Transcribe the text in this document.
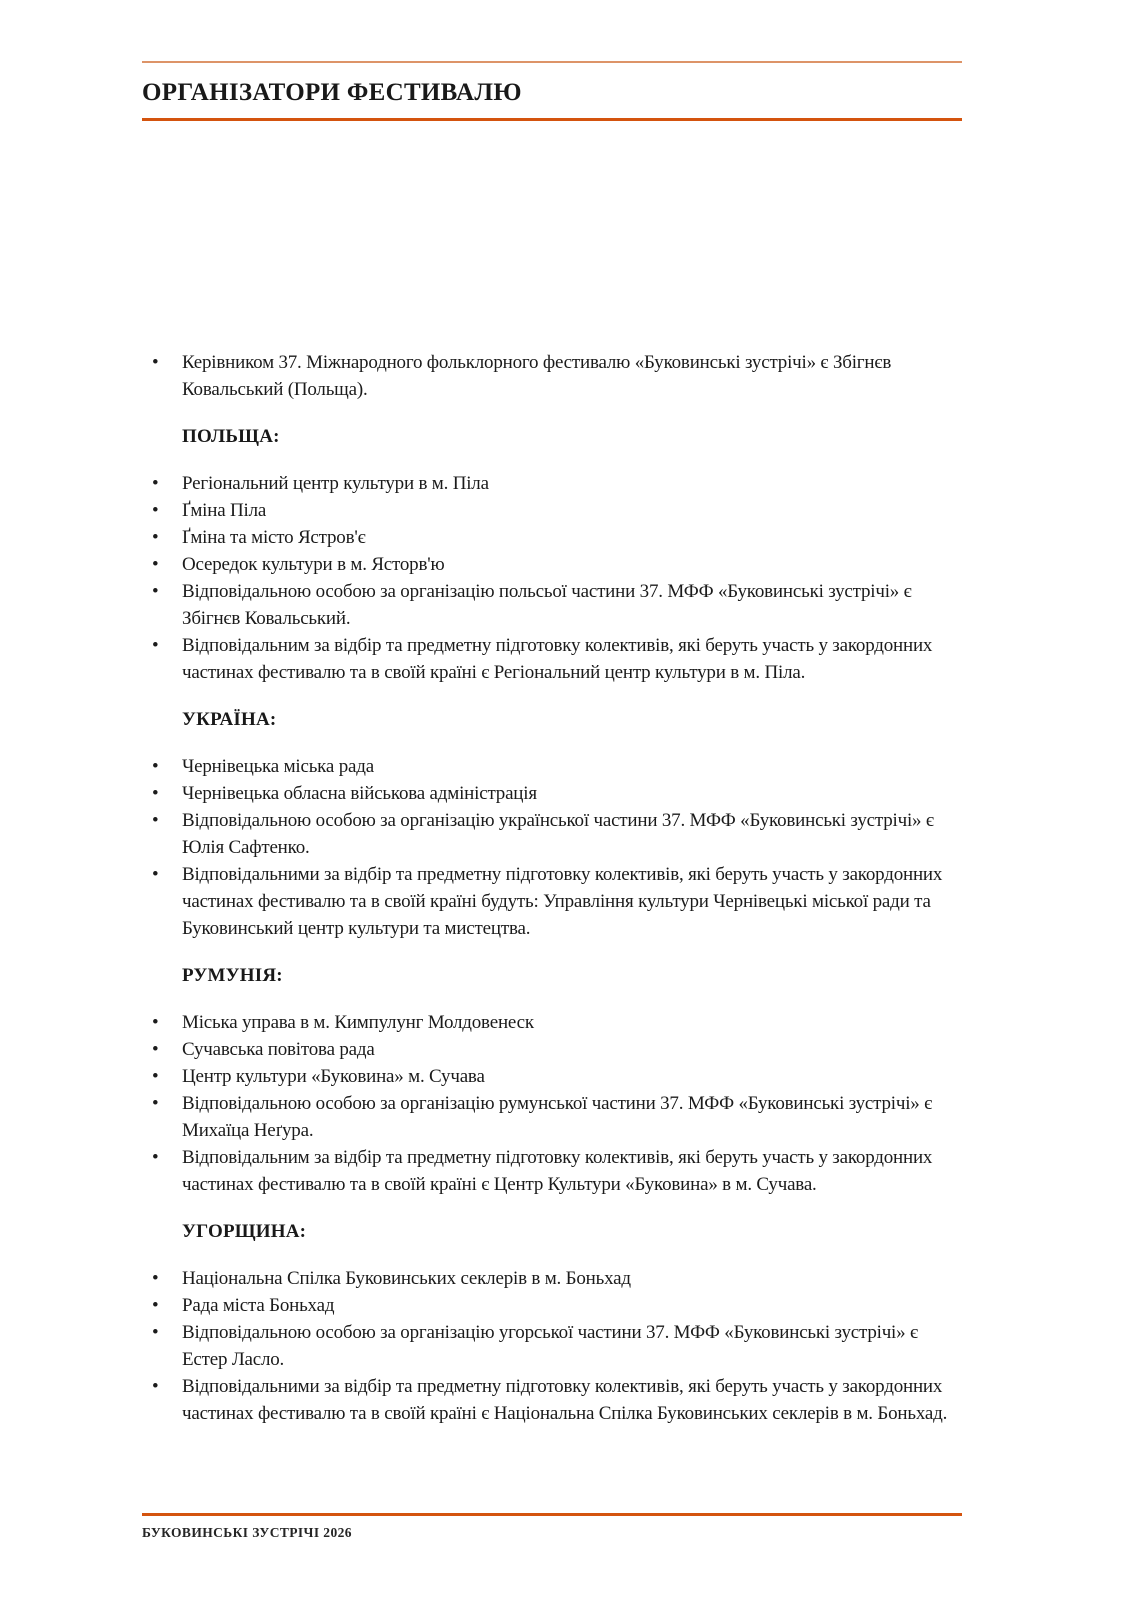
ОРГАНІЗАТОРИ ФЕСТИВАЛЮ
• Керівником 37. Міжнародного фольклорного фестивалю «Буковинські зустрічі» є Збігнєв Ковальський (Польща).
ПОЛЬЩА:
• Регіональний центр культури в м. Піла
• Ґміна Піла
• Ґміна та місто Ястров'є
• Осередок культури в м. Ясторв'ю
• Відповідальною особою за організацію польсьої частини 37. МФФ «Буковинські зустрічі» є Збігнєв Ковальський.
• Відповідальним за відбір та предметну підготовку колективів, які беруть участь у закордонних частинах фестивалю та в своїй країні є Регіональний центр культури в м. Піла.
УКРАЇНА:
• Чернівецька міська рада
• Чернівецька обласна військова адміністрація
• Відповідальною особою за організацію української частини 37. МФФ «Буковинські зустрічі» є Юлія Сафтенко.
• Відповідальними за відбір та предметну підготовку колективів, які беруть участь у закордонних частинах фестивалю та в своїй країні будуть: Управління культури Чернівецькі міської ради та Буковинський центр культури та мистецтва.
РУМУНІЯ:
• Міська управа в м. Кимпулунг Молдовенеск
• Сучавська повітова рада
• Центр культури «Буковина» м. Сучава
• Відповідальною особою за організацію румунської частини 37. МФФ «Буковинські зустрічі» є Михаїца Неґура.
• Відповідальним за відбір та предметну підготовку колективів, які беруть участь у закордонних частинах фестивалю та в своїй країні є Центр Культури «Буковина» в м. Сучава.
УГОРЩИНА:
• Національна Спілка Буковинських секлерів в м. Боньхад
• Рада міста Боньхад
• Відповідальною особою за організацію угорської частини 37. МФФ «Буковинські зустрічі» є Естер Ласло.
• Відповідальними за відбір та предметну підготовку колективів, які беруть участь у закордонних частинах фестивалю та в своїй країні є Національна Спілка Буковинських секлерів в м. Боньхад.
БУКОВИНСЬКІ ЗУСТРІЧІ 2026
